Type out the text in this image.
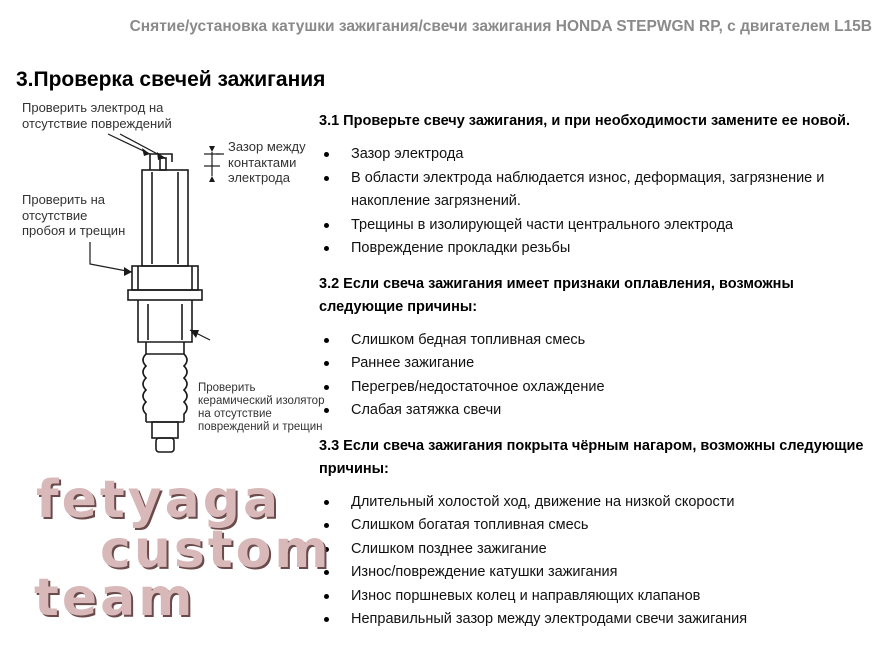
Снятие/установка катушки зажигания/свечи зажигания HONDA STEPWGN RP, с двигателем L15B
3.Проверка свечей зажигания
Проверить электрод на
отсутствие повреждений
Зазор между
контактами
электрода
Проверить на
отсутствие
пробоя и трещин
Проверить
керамический изолятор
на отсутствие
повреждений и трещин

3.1 Проверьте свечу зажигания, и при необходимости замените ее новой.

Зазор электрода
В области электрода наблюдается износ, деформация, загрязнение и накопление загрязнений.
Трещины в изолирующей части центрального электрода
Повреждение прокладки резьбы

3.2 Если свеча зажигания имеет признаки оплавления, возможны следующие причины:

Слишком бедная топливная смесь
Раннее зажигание
Перегрев/недостаточное охлаждение
Слабая затяжка свечи

3.3 Если свеча зажигания покрыта чёрным нагаром, возможны следующие причины:

Длительный холостой ход, движение на низкой скорости
Слишком богатая топливная смесь
Слишком позднее зажигание
Износ/повреждение катушки зажигания
Износ поршневых колец и направляющих клапанов
Неправильный зазор между электродами свечи зажигания
fetyaga
custom
team
